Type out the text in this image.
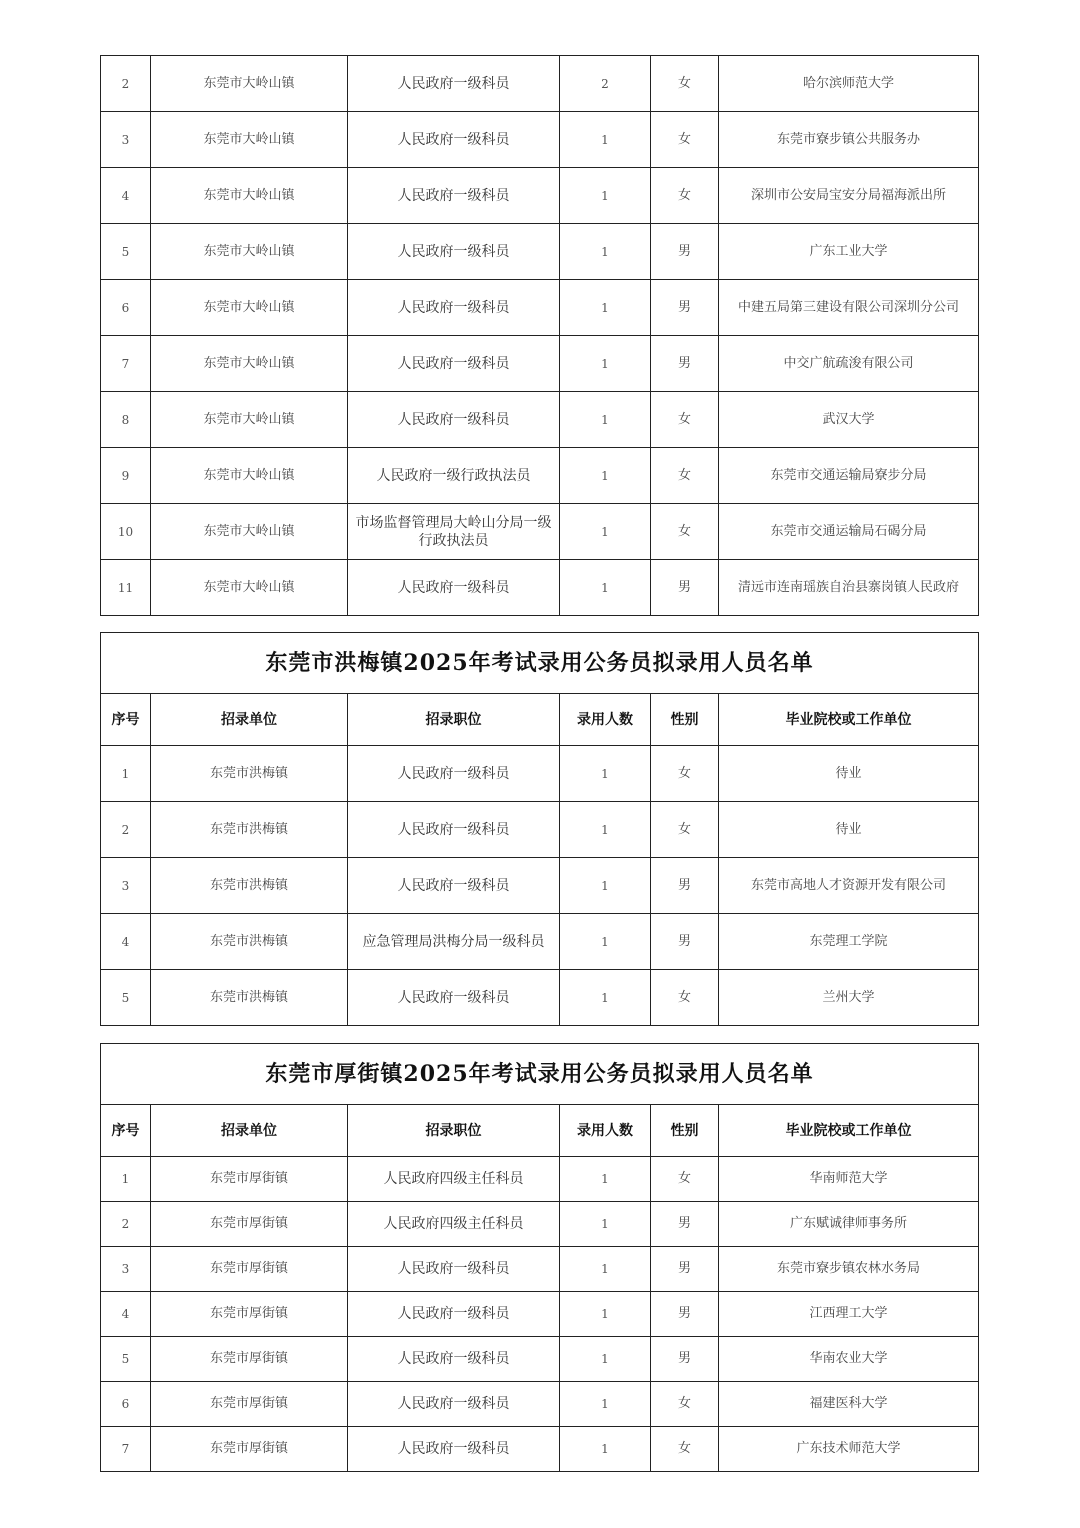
2	东莞市大岭山镇	人民政府一级科员	2	女	哈尔滨师范大学
3	东莞市大岭山镇	人民政府一级科员	1	女	东莞市寮步镇公共服务办
4	东莞市大岭山镇	人民政府一级科员	1	女	深圳市公安局宝安分局福海派出所
5	东莞市大岭山镇	人民政府一级科员	1	男	广东工业大学
6	东莞市大岭山镇	人民政府一级科员	1	男	中建五局第三建设有限公司深圳分公司
7	东莞市大岭山镇	人民政府一级科员	1	男	中交广航疏浚有限公司
8	东莞市大岭山镇	人民政府一级科员	1	女	武汉大学
9	东莞市大岭山镇	人民政府一级行政执法员	1	女	东莞市交通运输局寮步分局
10	东莞市大岭山镇	市场监督管理局大岭山分局一级行政执法员	1	女	东莞市交通运输局石碣分局
11	东莞市大岭山镇	人民政府一级科员	1	男	清远市连南瑶族自治县寨岗镇人民政府
东莞市洪梅镇2025年考试录用公务员拟录用人员名单					
序号	招录单位	招录职位	录用人数	性别	毕业院校或工作单位
1	东莞市洪梅镇	人民政府一级科员	1	女	待业
2	东莞市洪梅镇	人民政府一级科员	1	女	待业
3	东莞市洪梅镇	人民政府一级科员	1	男	东莞市高地人才资源开发有限公司
4	东莞市洪梅镇	应急管理局洪梅分局一级科员	1	男	东莞理工学院
5	东莞市洪梅镇	人民政府一级科员	1	女	兰州大学
东莞市厚街镇2025年考试录用公务员拟录用人员名单					
序号	招录单位	招录职位	录用人数	性别	毕业院校或工作单位
1	东莞市厚街镇	人民政府四级主任科员	1	女	华南师范大学
2	东莞市厚街镇	人民政府四级主任科员	1	男	广东赋诚律师事务所
3	东莞市厚街镇	人民政府一级科员	1	男	东莞市寮步镇农林水务局
4	东莞市厚街镇	人民政府一级科员	1	男	江西理工大学
5	东莞市厚街镇	人民政府一级科员	1	男	华南农业大学
6	东莞市厚街镇	人民政府一级科员	1	女	福建医科大学
7	东莞市厚街镇	人民政府一级科员	1	女	广东技术师范大学
